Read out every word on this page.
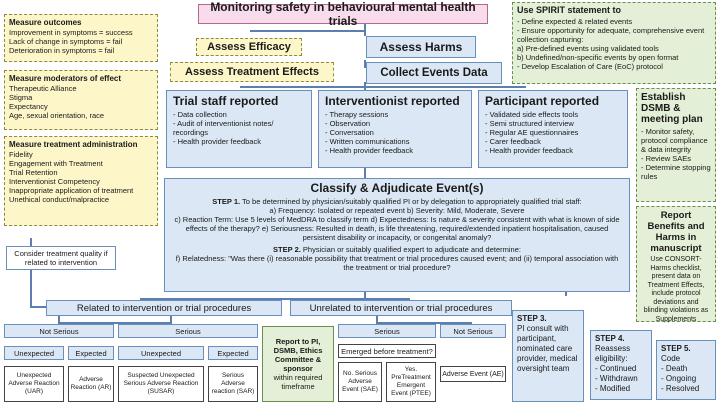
Monitoring safety in behavioural mental health trials
Measure outcomes
Improvement in symptoms = success
Lack of change in symptoms = fail
Deterioration in symptoms = fail	Assess Efficacy	Assess Harms
Use SPIRIT statement to
- Define expected & related events
- Ensure opportunity for adequate, comprehensive event collection capturing:
a) Pre-defined events using validated tools
b) Undefined/non-specific events by open format
- Develop Escalation of Care (EoC) protocol
Assess Treatment Effects	Collect Events Data
Measure moderators of effect
Therapeutic Alliance
Stigma
Expectancy
Age, sexual orientation, race
Measure treatment administration
Fidelity
Engagement with Treatment
Trial Retention
Interventionist Competency
Inappropriate application of treatment
Unethical conduct/malpractice
Consider treatment quality if related to intervention
Trial staff reported
- Data collection
- Audit of interventionist notes/ recordings
- Health provider feedback
Interventionist reported
- Therapy sessions
- Observation
- Conversation
- Written communications
- Health provider feedback
Participant reported
- Validated side effects tools
- Semi structured interview
- Regular AE questionnaires
- Carer feedback
- Health provider feedback
Establish DSMB & meeting plan
- Monitor safety, protocol compliance & data integrity
- Review SAEs
- Determine stopping rules
Classify & Adjudicate Event(s)
STEP 1. To be determined by physician/suitably qualified PI or by delegation to appropriately qualified trial staff:
a) Frequency: Isolated or repeated event b) Severity: Mild, Moderate, Severe
c) Reaction Term: Use 5 levels of MedDRA to classify term d) Expectedness: Is nature & severity consistent with what is known of side effects of the therapy? e) Seriousness: Resulted in death, is life threatening, required/extended inpatient hospitalisation, caused persistent disability or incapacity, or congenital anomaly?
STEP 2. Physician or suitably qualified expert to adjudicate and determine:
f) Relatedness: "Was there (i) reasonable possibility that treatment or trial procedures caused event; and (ii) temporal association with the treatment or trial procedure?
Report Benefits and Harms in manuscript
Use CONSORT-Harms checklist, present data on Treatment Effects, include protocol deviations and blinding violations as Supplements
Related to intervention or trial procedures	Unrelated to intervention or trial procedures
Not Serious	Serious
Unexpected	Expected	Unexpected	Expected
Unexpected Adverse Reaction (UAR)
Adverse Reaction (AR)
Suspected Unexpected Serious Adverse Reaction (SUSAR)
Serious Adverse reaction (SAR)
Report to PI, DSMB, Ethics Committee & sponsor
within required timeframe
Serious	Not Serious
Emerged before treatment?
No. Serious Adverse Event (SAE)
Yes. PreTreatment Emergent Event (PTEE)
Adverse Event (AE)
STEP 3.
PI consult with participant, nominated care provider, medical oversight team
STEP 4.
Reassess eligibility:
- Continued
- Withdrawn
- Modified
STEP 5.
Code
- Death
- Ongoing
- Resolved
